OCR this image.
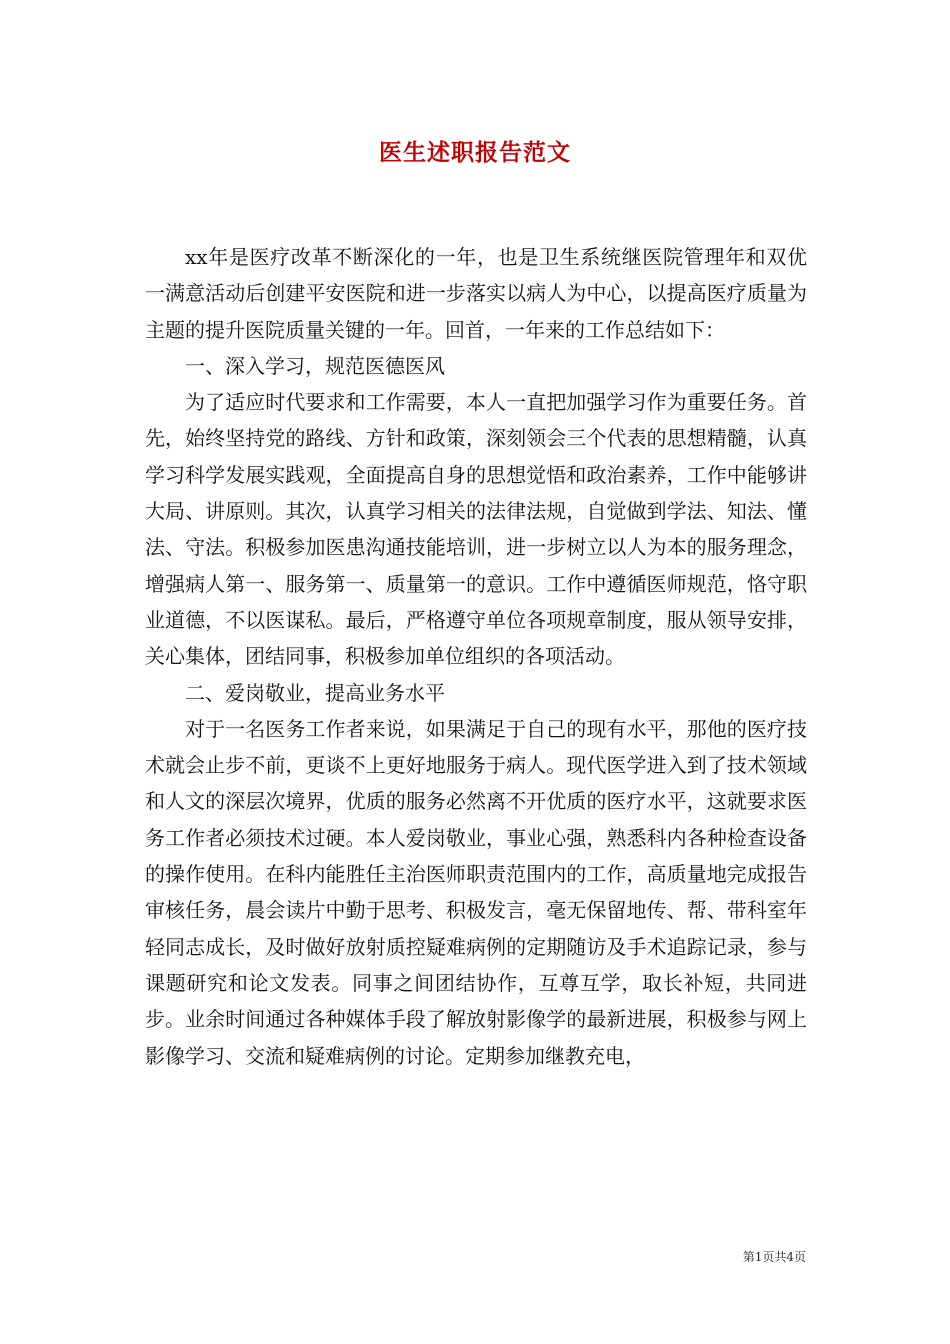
医生述职报告范文

xx年是医疗改革不断深化的一年，也是卫生系统继医院管理年和双优一满意活动后创建平安医院和进一步落实以病人为中心，以提高医疗质量为主题的提升医院质量关键的一年。回首，一年来的工作总结如下：

一、深入学习，规范医德医风

为了适应时代要求和工作需要，本人一直把加强学习作为重要任务。首先，始终坚持党的路线、方针和政策，深刻领会三个代表的思想精髓，认真学习科学发展实践观，全面提高自身的思想觉悟和政治素养，工作中能够讲大局、讲原则。其次，认真学习相关的法律法规，自觉做到学法、知法、懂法、守法。积极参加医患沟通技能培训，进一步树立以人为本的服务理念，增强病人第一、服务第一、质量第一的意识。工作中遵循医师规范，恪守职业道德，不以医谋私。最后，严格遵守单位各项规章制度，服从领导安排，关心集体，团结同事，积极参加单位组织的各项活动。

二、爱岗敬业，提高业务水平

对于一名医务工作者来说，如果满足于自己的现有水平，那他的医疗技术就会止步不前，更谈不上更好地服务于病人。现代医学进入到了技术领域和人文的深层次境界，优质的服务必然离不开优质的医疗水平，这就要求医务工作者必须技术过硬。本人爱岗敬业，事业心强，熟悉科内各种检查设备的操作使用。在科内能胜任主治医师职责范围内的工作，高质量地完成报告审核任务，晨会读片中勤于思考、积极发言，毫无保留地传、帮、带科室年轻同志成长，及时做好放射质控疑难病例的定期随访及手术追踪记录，参与课题研究和论文发表。同事之间团结协作，互尊互学，取长补短，共同进步。业余时间通过各种媒体手段了解放射影像学的最新进展，积极参与网上影像学习、交流和疑难病例的讨论。定期参加继教充电，

第1页共4页
